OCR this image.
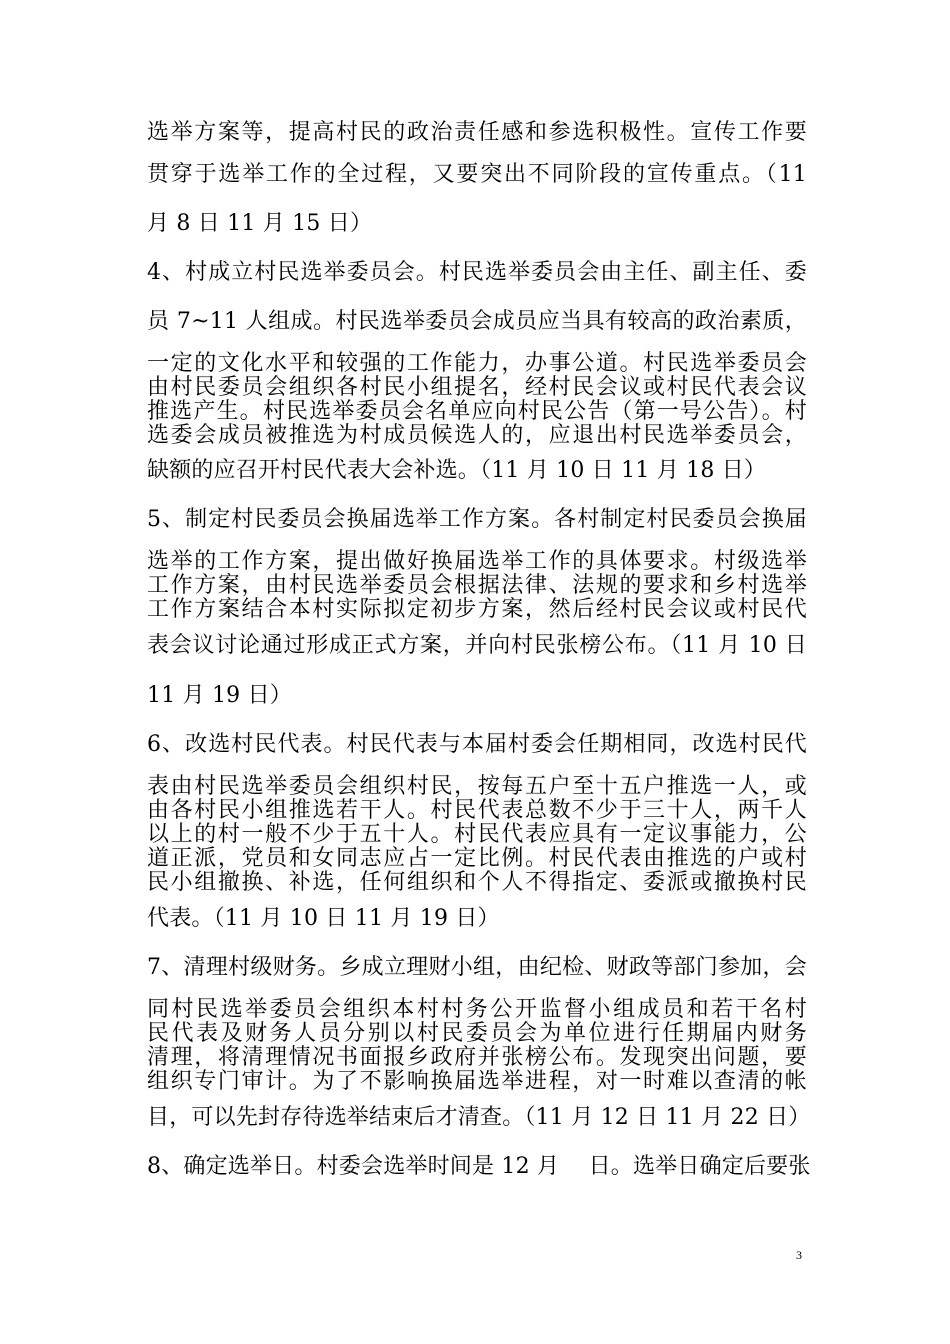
选举方案等，提高村民的政治责任感和参选积极性。宣传工作要
贯穿于选举工作的全过程，又要突出不同阶段的宣传重点。（11
月 8 日 11 月 15 日）
4、村成立村民选举委员会。村民选举委员会由主任、副主任、委
员 7~11 人组成。村民选举委员会成员应当具有较高的政治素质，
一定的文化水平和较强的工作能力，办事公道。村民选举委员会
由村民委员会组织各村民小组提名，经村民会议或村民代表会议
推选产生。村民选举委员会名单应向村民公告（第一号公告）。村
选委会成员被推选为村成员候选人的，应退出村民选举委员会，
缺额的应召开村民代表大会补选。（11 月 10 日 11 月 18 日）
5、制定村民委员会换届选举工作方案。各村制定村民委员会换届
选举的工作方案，提出做好换届选举工作的具体要求。村级选举
工作方案，由村民选举委员会根据法律、法规的要求和乡村选举
工作方案结合本村实际拟定初步方案，然后经村民会议或村民代
表会议讨论通过形成正式方案，并向村民张榜公布。（11 月 10 日
11 月 19 日）
6、改选村民代表。村民代表与本届村委会任期相同，改选村民代
表由村民选举委员会组织村民，按每五户至十五户推选一人，或
由各村民小组推选若干人。村民代表总数不少于三十人，两千人
以上的村一般不少于五十人。村民代表应具有一定议事能力，公
道正派，党员和女同志应占一定比例。村民代表由推选的户或村
民小组撤换、补选，任何组织和个人不得指定、委派或撤换村民
代表。（11 月 10 日 11 月 19 日）
7、清理村级财务。乡成立理财小组，由纪检、财政等部门参加，会
同村民选举委员会组织本村村务公开监督小组成员和若干名村
民代表及财务人员分别以村民委员会为单位进行任期届内财务
清理，将清理情况书面报乡政府并张榜公布。发现突出问题，要
组织专门审计。为了不影响换届选举进程，对一时难以查清的帐
目，可以先封存待选举结束后才清查。（11 月 12 日 11 月 22 日）
8、确定选举日。村委会选举时间是 12 月　 日。选举日确定后要张
3
